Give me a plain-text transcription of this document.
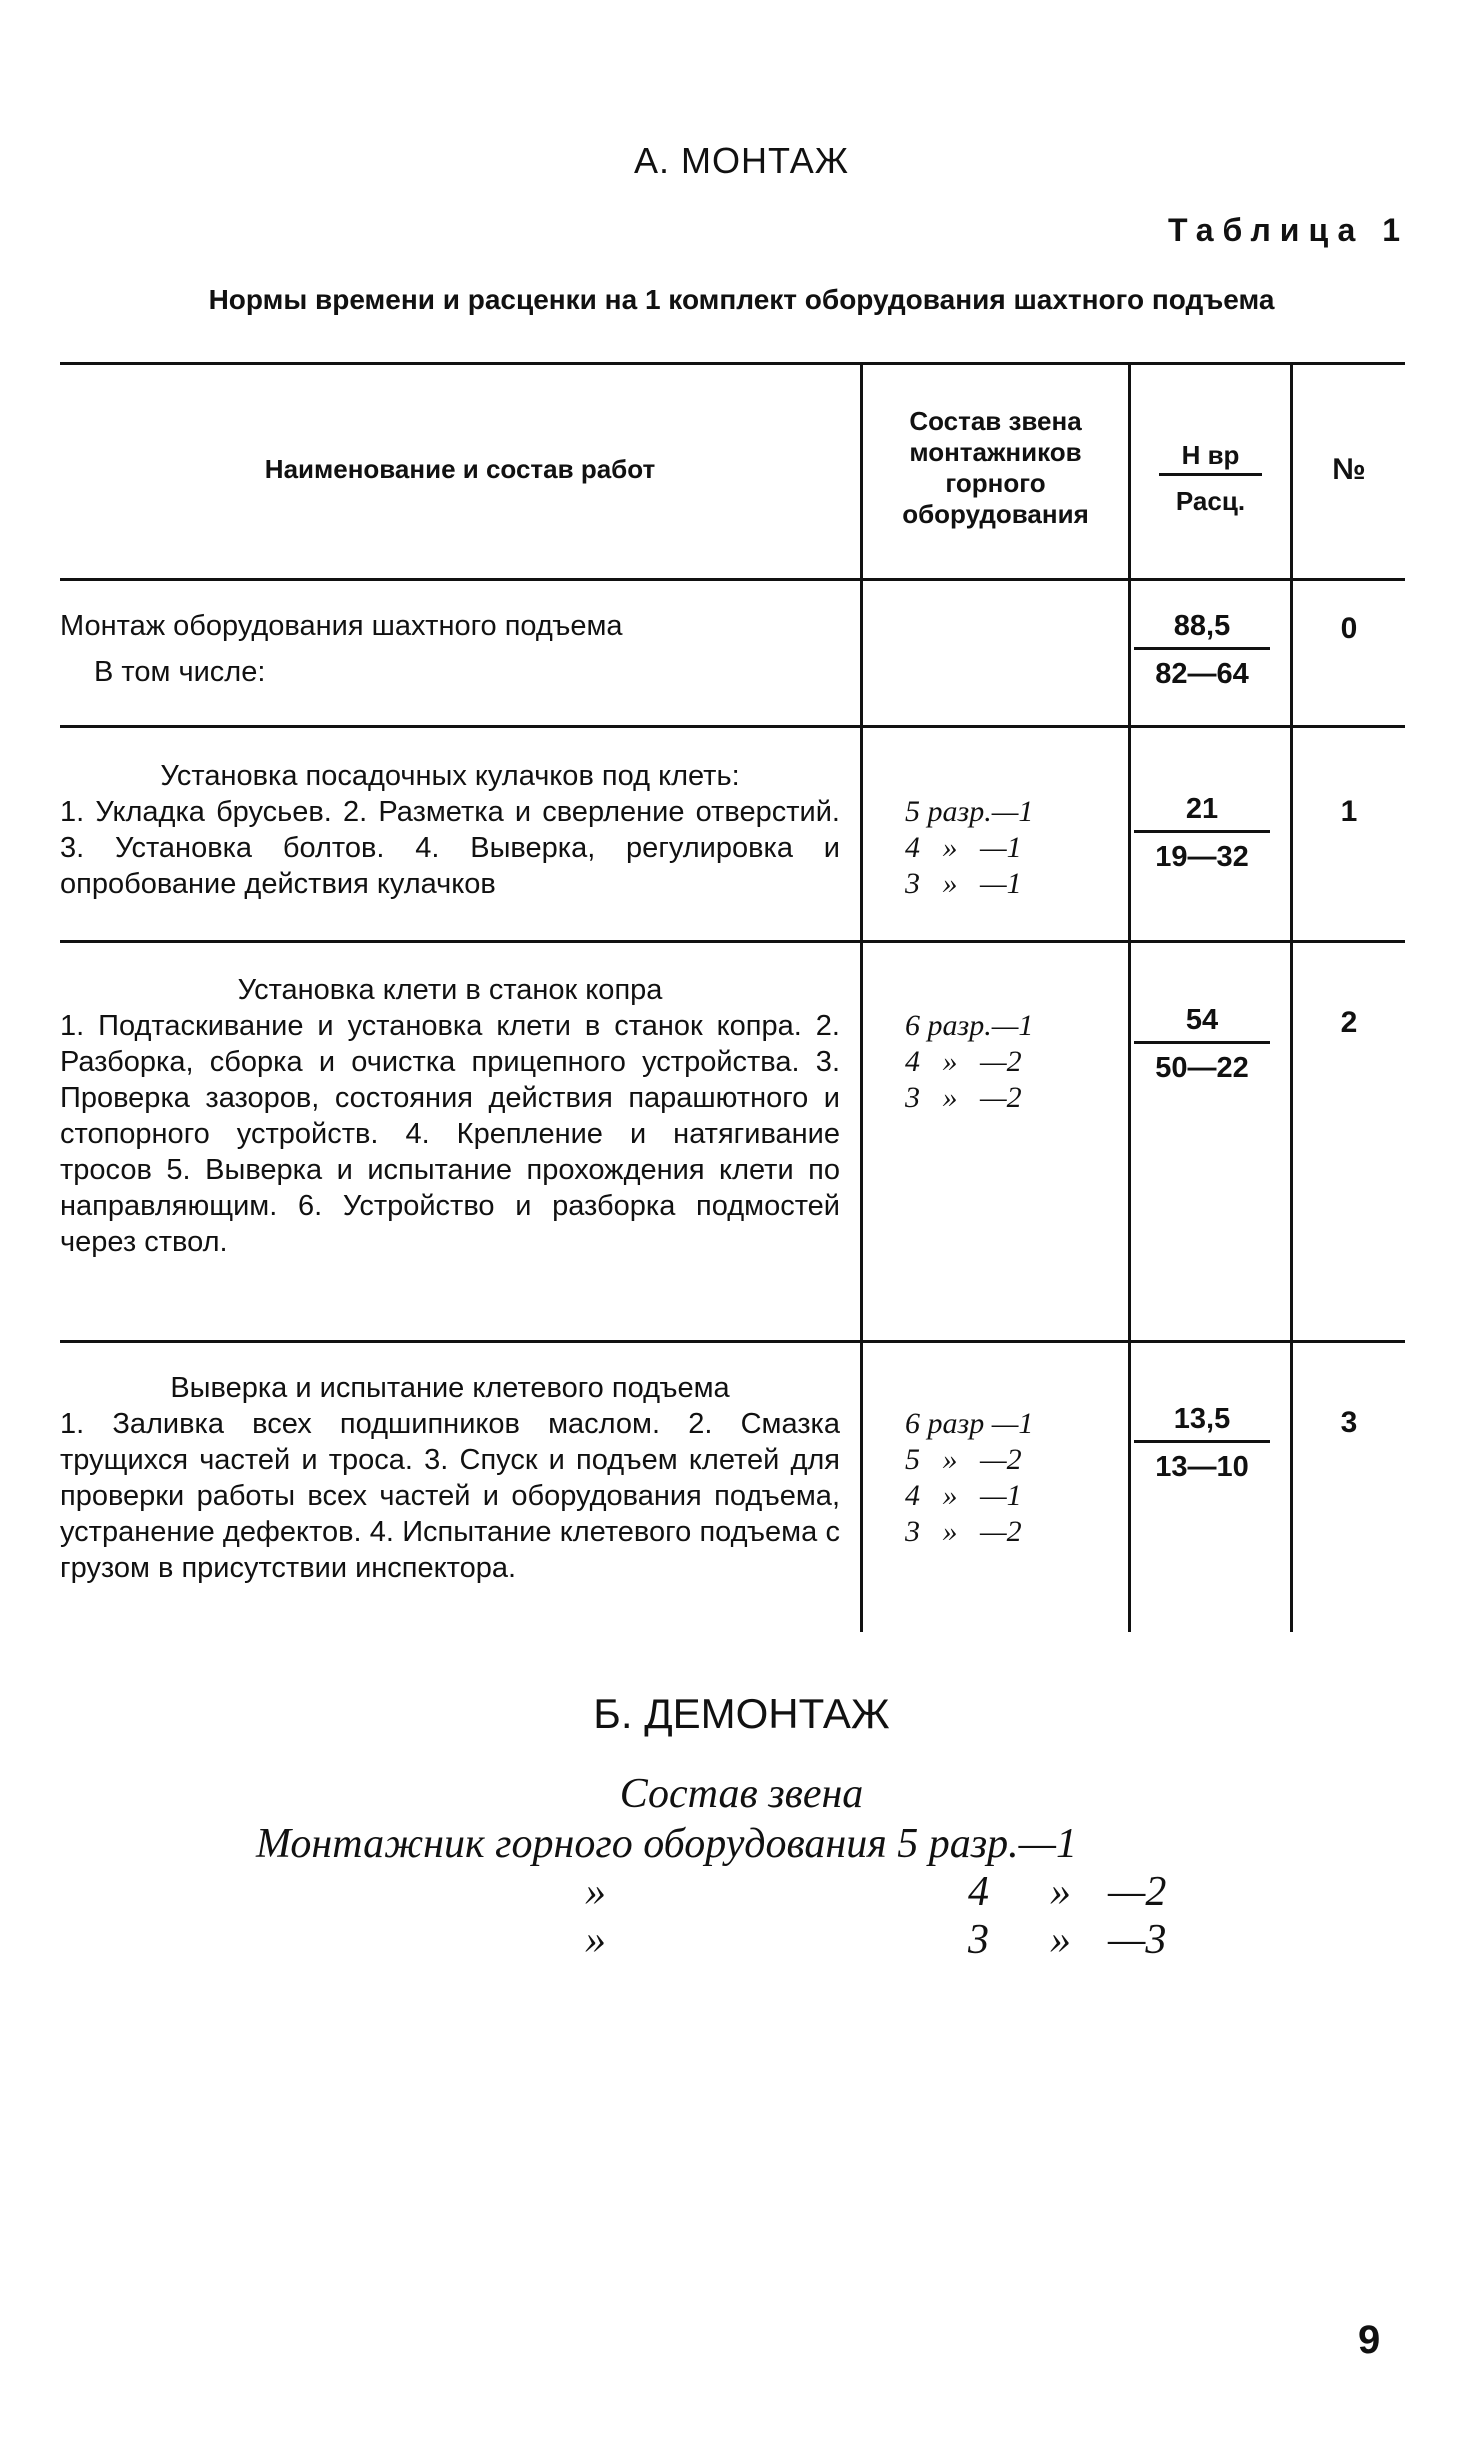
А. МОНТАЖ
Таблица 1
Нормы времени и расценки на 1 комплект оборудования шахтного подъема
Наименование и состав работ
Состав звена
монтажников
горного
оборудования
Н вр
Расц.
№
Монтаж оборудования шахтного подъема
В том числе:
88,5
82—64
0
Установка посадочных кулачков под клеть:
1. Укладка брусьев. 2. Разметка и сверление отверстий. 3. Установка болтов. 4. Выверка, регулировка и опробование действия кулачков
5 разр.—1
4   »   —1
3   »   —1
21
19—32
1
Установка клети в станок копра
1. Подтаскивание и установка клети в станок копра. 2. Разборка, сборка и очистка прицепного устройства. 3. Проверка зазоров, состояния действия парашютного и стопорного устройств. 4. Крепление и натягивание тросов 5. Выверка и испытание прохождения клети по направляющим. 6. Устройство и разборка подмостей через ствол.
6 разр.—1
4   »   —2
3   »   —2
54
50—22
2
Выверка и испытание клетевого подъема
1. Заливка всех подшипников маслом. 2. Смазка трущихся частей и троса. 3. Спуск и подъем клетей для проверки работы всех частей и оборудования подъема, устранение дефектов. 4. Испытание клетевого подъема с грузом в присутствии инспектора.
6 разр —1
5   »   —2
4   »   —1
3   »   —2
13,5
13—10
3
Б. ДЕМОНТАЖ
Состав звена
Монтажник горного оборудования 5 разр.—1
»	4 » —2
»	3 » —3
9
